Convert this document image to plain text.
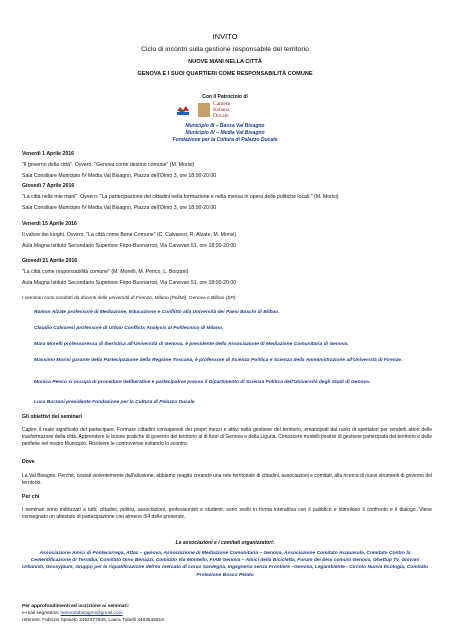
INVITO
Ciclo di incontri sulla gestione responsabile del territorio
NUOVE MANI NELLA CITTÀ
GENOVA E I SUOI QUARTIERI COME RESPONSABILITÀ COMUNE
Con il Patrocinio di
Camera
Italiana
Ducale
Municipio III – Bassa Val Bisagno
Municipio IV – Media Val Bisagno
Fondazione per la Cultura di Palazzo Ducale
Venerdì 1 Aprile 2016
"Il governo della città". Ovvero: "Genova come destino comune" (M. Morisi)
Sala Consiliare Municipio IV Media Val Bisagno, Piazza dell'Olmo 3, ore 18:00-20:00
Giovedì 7 Aprile 2016
"La città nelle mie mani". Ovvero: "La partecipazione dei cittadini nella formazione e nella messa in opera delle politiche locali." (M. Morisi)
Sala Consiliare Municipio IV Media Val Bisagno, Piazza dell'Olmo 3, ore 18:00-20:00
Venerdì 15 Aprile 2016
Il valore dei luoghi. Ovvero, "La città come Bene Comune" (C. Calvaresi, R. Alzate, M. Morisi)
Aula Magna Istituto Secondario Superiore Firpo-Buonarroti, Via Canevari 51, ore 18:00-20:00
Giovedì 21 Aprile 2016
"La città come responsabilità comune" (M. Morelli, M. Penco, L. Borzani)
Aula Magna Istituto Secondario Superiore Firpo-Buonarroti, Via Canevari 51, ore 18:00-20:00
I seminari sono condotti da docenti delle università di Firenze, Milano (PoliMi), Genova e Bilbao (SP):
Ramon Alzate professore di Mediazione, Educazione e Conflitto alla Università dei Paesi Baschi di Bilbao.
Claudio Calvaresi professore di Urban Conflicts Analysis al Politecnico di Milano.
Mara Morelli professoressa di Iberistica all'Università di Genova, è presidente della Associazione di Mediazione Comunitaria di Genova.
Massimo Morisi garante della Partecipazione della Regione Toscana, è professore di Scienza Politica e Scienza della Amministrazione all'Università di Firenze.
Monica Penco si occupa di procedure deliberative e partecipative presso il Dipartimento di Scienza Politica dell'Università degli Studi di Genova.
Luca Borzani presidente Fondazione per la Cultura di Palazzo Ducale
Gli obiettivi dei seminari
Capire il reale significato del partecipare. Formare cittadini consapevoli dei propri mezzi e attivi nella gestione del territorio, emancipati dal ruolo di spettatori per renderli attori delle trasformazioni della città. Apprendere le buone pratiche di governo del territorio al di fuori di Genova e della Liguria. Conoscere modelli positivi di gestione partecipata del territorio e delle periferie nel nostro Municipio. Risolvere le controversie evitando lo scontro.
Dove
La Val Bisagno. Perché, cestati violentemente dall'alluvione, abbiamo reagito creando una rete territoriale di cittadini, associazioni e comitati, alla ricerca di nuovi strumenti di governo del territorio.
Per chi
I seminari sono indirizzati a tutti, cittadini, politici, associazioni, professionisti e studenti; sono svolti in forma interattiva con il pubblico e stimolano il confronto e il dialogo. Viene consegnato un attestato di partecipazione con almeno 3/4 delle presenze.
Le associazioni e i comitati organizzatori:
Associazione Amici di Pontecarrega, Attac – genova, Associazione di Mediazione Comunitaria – Genova, Associazione Comitato Acquasola, Comitato Contro la Cementificazione di Terralba, Comitato Gino Benazzi, Comitato Via Montello, FIAB Genova – Amici della Bicicletta, Forum dei beni comuni Genova, Ghettup Tv, Giovani Urbanisti, Gossypium, Gruppo per la riqualificazione dell'ex mercato di corso Sardegna, Ingegneria senza Frontiere –Genova, Legambiente - Circolo Nuova Ecologia, Comitato Protezione Bosco Pelato
Per approfondimenti ed iscrizione ai seminari:
e-mail segreteria: memoriabisagno@gmail.com
referenti: Fabrizio Spinielo 3492377545, Laura Tubelli 3483545816
